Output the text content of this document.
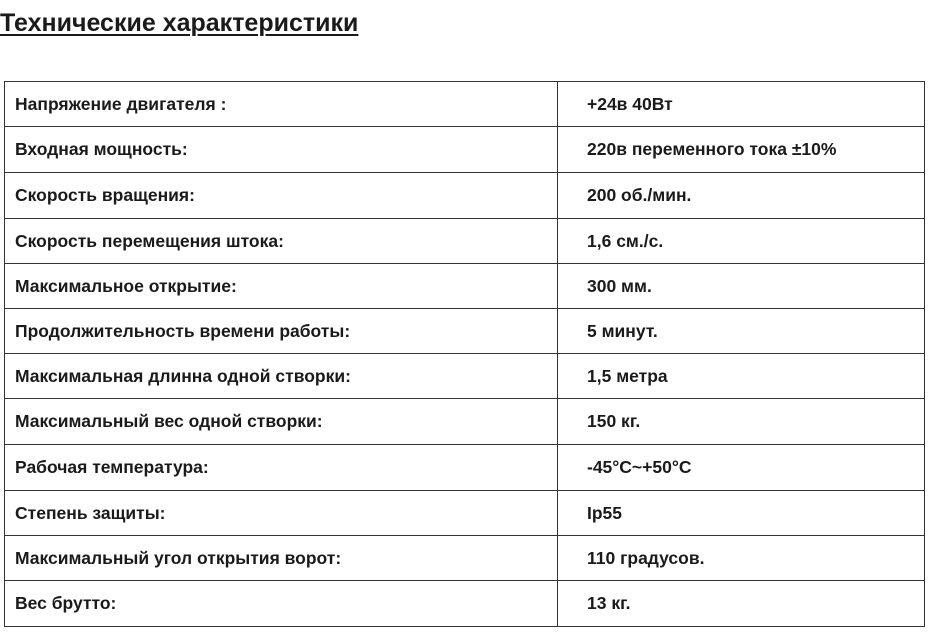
Технические характеристики
Напряжение двигателя :	+24в 40Вт
Входная мощность:	220в переменного тока ±10%
Скорость вращения:	200 об./мин.
Скорость перемещения штока:	1,6 см./с.
Максимальное открытие:	300 мм.
Продолжительность времени работы:	5 минут.
Максимальная длинна одной створки:	1,5 метра
Максимальный вес одной створки:	150 кг.
Рабочая температура:	-45°C~+50°C
Степень защиты:	Ip55
Максимальный угол открытия ворот:	110 градусов.
Вес брутто:	13 кг.
